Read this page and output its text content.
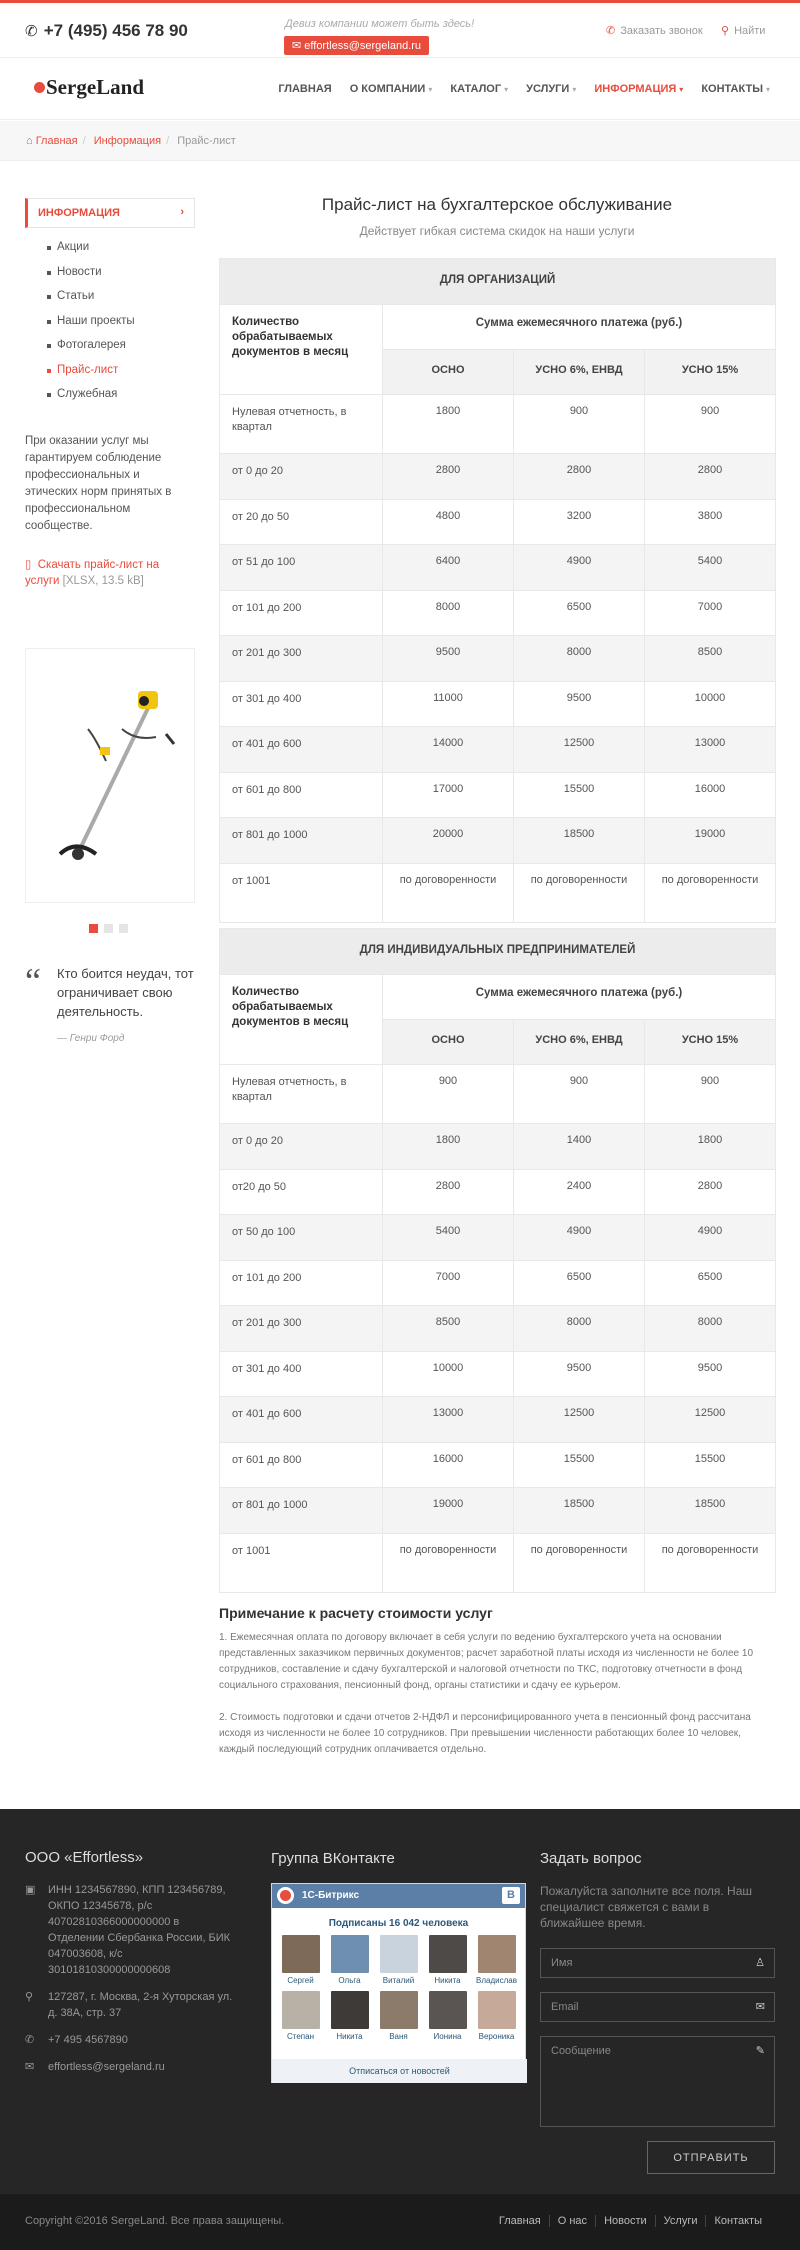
✆ +7 (495) 456 78 90	Девиз компании может быть здесь!
✉ effortless@sergeland.ru
✆ Заказать звонок ⚲ Найти
SergeLand	ГЛАВНАЯ О КОМПАНИИ ▾ КАТАЛОГ ▾ УСЛУГИ ▾ ИНФОРМАЦИЯ ▾ КОНТАКТЫ ▾
⌂ Главная / Информация / Прайс-лист
ИНФОРМАЦИЯ	›
Акции
Новости
Статьи
Наши проекты
Фотогалерея
Прайс-лист
Служебная
При оказании услуг мы гарантируем соблюдение профессиональных и этических норм принятых в профессиональном сообществе.
▯ Скачать прайс-лист на услуги [XLSX, 13.5 kB]
“ Кто боится неудач, тот ограничивает свою деятельность.
— Генри Форд
Прайс-лист на бухгалтерское обслуживание
Действует гибкая система скидок на наши услуги
ДЛЯ ОРГАНИЗАЦИЙ			
Количество обрабатываемых документов в месяц	Сумма ежемесячного платежа (руб.)		
	ОСНО	УСНО 6%, ЕНВД	УСНО 15%
Нулевая отчетность, в квартал	1800	900	900
от 0 до 20	2800	2800	2800
от 20 до 50	4800	3200	3800
от 51 до 100	6400	4900	5400
от 101 до 200	8000	6500	7000
от 201 до 300	9500	8000	8500
от 301 до 400	11000	9500	10000
от 401 до 600	14000	12500	13000
от 601 до 800	17000	15500	16000
от 801 до 1000	20000	18500	19000
от 1001	по договоренности	по договоренности	по договоренности
ДЛЯ ИНДИВИДУАЛЬНЫХ ПРЕДПРИНИМАТЕЛЕЙ			
Количество обрабатываемых документов в месяц	Сумма ежемесячного платежа (руб.)		
	ОСНО	УСНО 6%, ЕНВД	УСНО 15%
Нулевая отчетность, в квартал	900	900	900
от 0 до 20	1800	1400	1800
от20 до 50	2800	2400	2800
от 50 до 100	5400	4900	4900
от 101 до 200	7000	6500	6500
от 201 до 300	8500	8000	8000
от 301 до 400	10000	9500	9500
от 401 до 600	13000	12500	12500
от 601 до 800	16000	15500	15500
от 801 до 1000	19000	18500	18500
от 1001	по договоренности	по договоренности	по договоренности
Примечание к расчету стоимости услуг

1. Ежемесячная оплата по договору включает в себя услуги по ведению бухгалтерского учета на основании представленных заказчиком первичных документов; расчет заработной платы исходя из численности не более 10 сотрудников, составление и сдачу бухгалтерской и налоговой отчетности по ТКС, подготовку отчетности в фонд социального страхования, пенсионный фонд, органы статистики и сдачу ее курьером.

2. Стоимость подготовки и сдачи отчетов 2-НДФЛ и персонифицированного учета в пенсионный фонд рассчитана исходя из численности не более 10 сотрудников. При превышении численности работающих более 10 человек, каждый последующий сотрудник оплачивается отдельно.

ООО «Effortless»
▣ ИНН 1234567890, КПП 123456789, ОКПО 12345678, р/с 40702810366000000000 в Отделении Сбербанка России, БИК 047003608, к/с 30101810300000000608
⚲ 127287, г. Москва, 2-я Хуторская ул. д. 38А, стр. 37
✆ +7 495 4567890
✉ effortless@sergeland.ru
Группа ВКонтакте
1С-Битрикс	В
Подписаны 16 042 человека
Сергей	Ольга	Виталий	Никита	Владислав
Степан	Никита	Ваня	Ионина	Вероника
Отписаться от новостей
Задать вопрос
Пожалуйста заполните все поля. Наш специалист свяжется с вами в ближайшее время.
Имя	♙
Email	✉
Сообщение	✎
ОТПРАВИТЬ
Copyright ©2016 SergeLand. Все права защищены.	Главная	О нас	Новости	Услуги	Контакты
